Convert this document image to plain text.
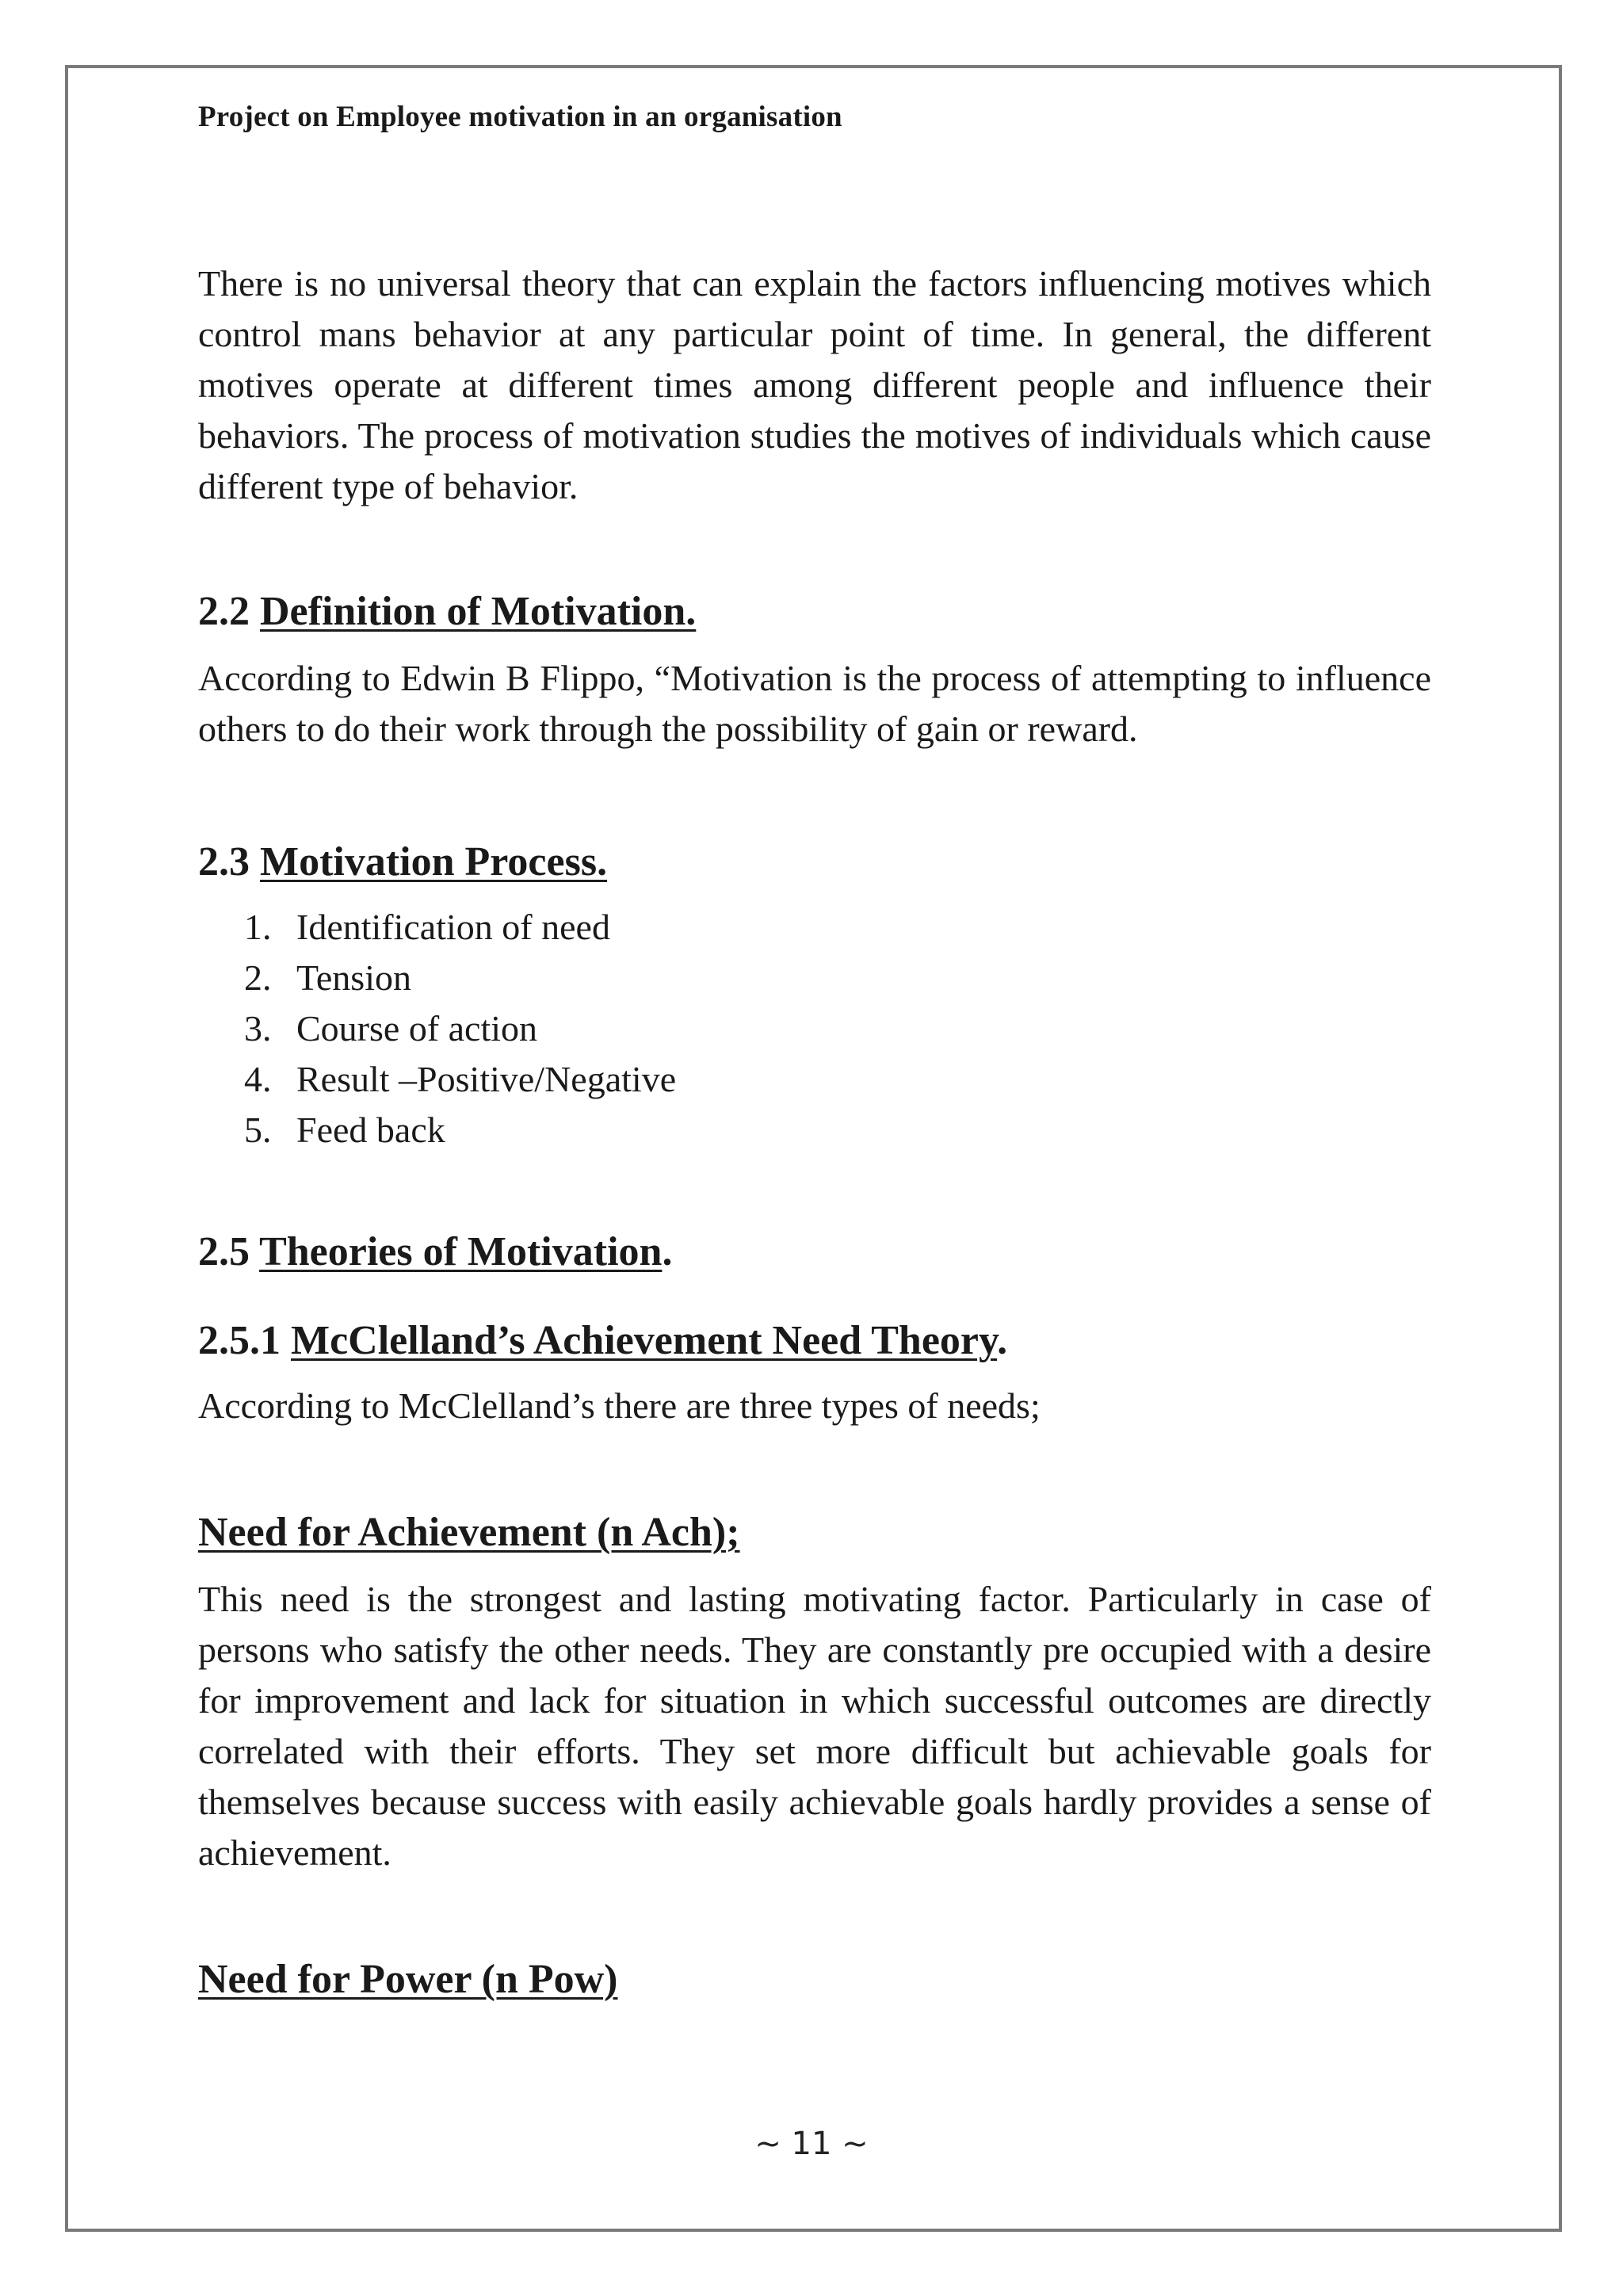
Project on Employee motivation in an organisation

There is no universal theory that can explain the factors influencing motives which control mans behavior at any particular point of time. In general, the different motives operate at different times among different people and influence their behaviors. The process of motivation studies the motives of individuals which cause different type of behavior.

2.2 Definition of Motivation.

According to Edwin B Flippo, “Motivation is the process of attempting to influence others to do their work through the possibility of gain or reward.

2.3 Motivation Process.
1. Identification of need
2. Tension
3. Course of action
4. Result –Positive/Negative
5. Feed back
2.5 Theories of Motivation.
2.5.1 McClelland’s Achievement Need Theory.

According to McClelland’s there are three types of needs;

Need for Achievement (n Ach);

This need is the strongest and lasting motivating factor. Particularly in case of persons who satisfy the other needs. They are constantly pre occupied with a desire for improvement and lack for situation in which successful outcomes are directly correlated with their efforts. They set more difficult but achievable goals for themselves because success with easily achievable goals hardly provides a sense of achievement.

Need for Power (n Pow)
~ 11 ~
